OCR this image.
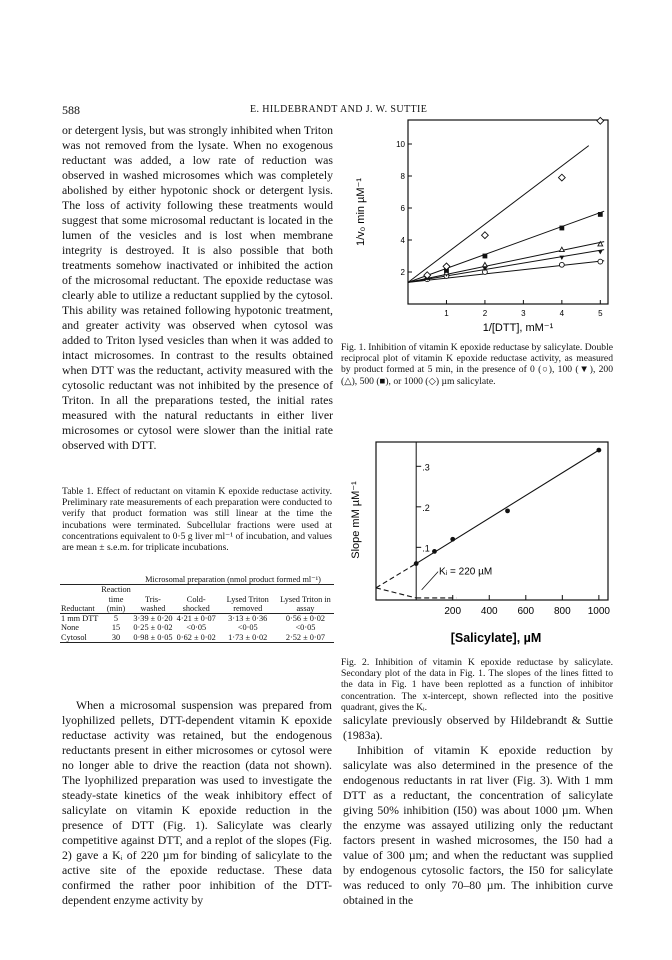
588	E. HILDEBRANDT AND J. W. SUTTIE

or detergent lysis, but was strongly inhibited when Triton was not removed from the lysate. When no exogenous reductant was added, a low rate of reduction was observed in washed microsomes which was completely abolished by either hypotonic shock or detergent lysis. The loss of activity following these treatments would suggest that some microsomal reductant is located in the lumen of the vesicles and is lost when membrane integrity is destroyed. It is also possible that both treatments somehow inactivated or inhibited the action of the microsomal reductant. The epoxide reductase was clearly able to utilize a reductant supplied by the cytosol. This ability was retained following hypotonic treatment, and greater activity was observed when cytosol was added to Triton lysed vesicles than when it was added to intact microsomes. In contrast to the results obtained when DTT was the reductant, activity measured with the cytosolic reductant was not inhibited by the presence of Triton. In all the preparations tested, the initial rates measured with the natural reductants in either liver microsomes or cytosol were slower than the initial rate observed with DTT.

Table 1. Effect of reductant on vitamin K epoxide reductase activity. Preliminary rate measurements of each preparation were conducted to verify that product formation was still linear at the time the incubations were terminated. Subcellular fractions were used at concentrations equivalent to 0·5 g liver ml⁻¹ of incubation, and values are mean ± s.e.m. for triplicate incubations.

		Microsomal preparation (nmol product formed ml⁻¹)			
Reductant	Reaction time (min)	Tris-washed	Cold-shocked	Lysed Triton removed	Lysed Triton in assay
1 mm DTT	5	3·39 ± 0·20	4·21 ± 0·07	3·13 ± 0·36	0·56 ± 0·02
None	15	0·25 ± 0·02	<0·05	<0·05	<0·05
Cytosol	30	0·98 ± 0·05	0·62 ± 0·02	1·73 ± 0·02	2·52 ± 0·07

When a microsomal suspension was prepared from lyophilized pellets, DTT-dependent vitamin K epoxide reductase activity was retained, but the endogenous reductants present in either microsomes or cytosol were no longer able to drive the reaction (data not shown). The lyophilized preparation was used to investigate the steady-state kinetics of the weak inhibitory effect of salicylate on vitamin K epoxide reduction in the presence of DTT (Fig. 1). Salicylate was clearly competitive against DTT, and a replot of the slopes (Fig. 2) gave a Kᵢ of 220 µm for binding of salicylate to the active site of the epoxide reductase. These data confirmed the rather poor inhibition of the DTT-dependent enzyme activity by

salicylate previously observed by Hildebrandt & Suttie (1983a).

Inhibition of vitamin K epoxide reduction by salicylate was also determined in the presence of the endogenous reductants in rat liver (Fig. 3). With 1 mm DTT as a reductant, the concentration of salicylate giving 50% inhibition (I50) was about 1000 µm. When the enzyme was assayed utilizing only the reductant factors present in washed microsomes, the I50 had a value of 300 µm; and when the reductant was supplied by endogenous cytosolic factors, the I50 for salicylate was reduced to only 70–80 µm. The inhibition curve obtained in the

1	2	3	4	5
2
4
6
8
10
1/v₀ min µM⁻¹
1/[DTT], mM⁻¹

Fig. 1. Inhibition of vitamin K epoxide reductase by salicylate. Double reciprocal plot of vitamin K epoxide reductase activity, as measured by product formed at 5 min, in the presence of 0 (○), 100 (▼), 200 (△), 500 (■), or 1000 (◇) µm salicylate.

200 400 600 800 1000
.1
.2
.3
Slope mM µM⁻¹
[Salicylate], µM
Kᵢ = 220 µM

Fig. 2. Inhibition of vitamin K epoxide reductase by salicylate. Secondary plot of the data in Fig. 1. The slopes of the lines fitted to the data in Fig. 1 have been replotted as a function of inhibitor concentration. The x-intercept, shown reflected into the positive quadrant, gives the Kᵢ.
